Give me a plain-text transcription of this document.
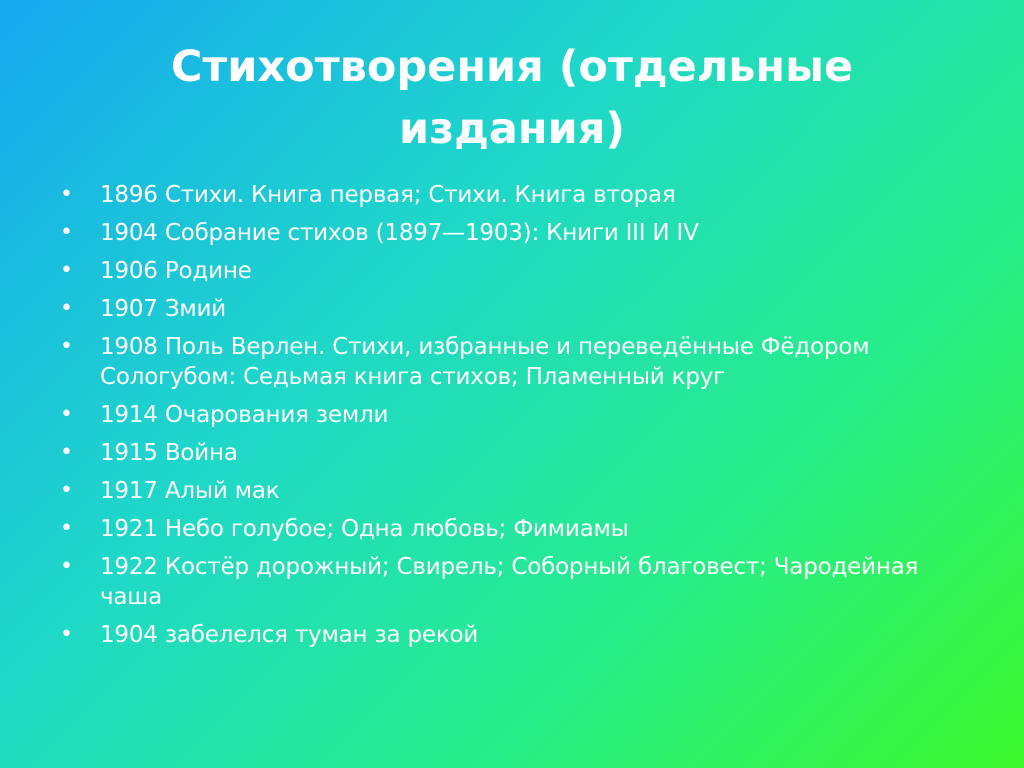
Стихотворения (отдельные
издания)
•	1896 Стихи. Книга первая; Стихи. Книга вторая
•	1904 Собрание стихов (1897—1903): Книги III И IV
•	1906 Родине
•	1907 Змий
•	1908 Поль Верлен. Стихи, избранные и переведённые Фёдором Сологубом: Седьмая книга стихов; Пламенный круг
•	1914 Очарования земли
•	1915 Война
•	1917 Алый мак
•	1921 Небо голубое; Одна любовь; Фимиамы
•	1922 Костёр дорожный; Свирель; Соборный благовест; Чародейная чаша
•	1904 забелелся туман за рекой
